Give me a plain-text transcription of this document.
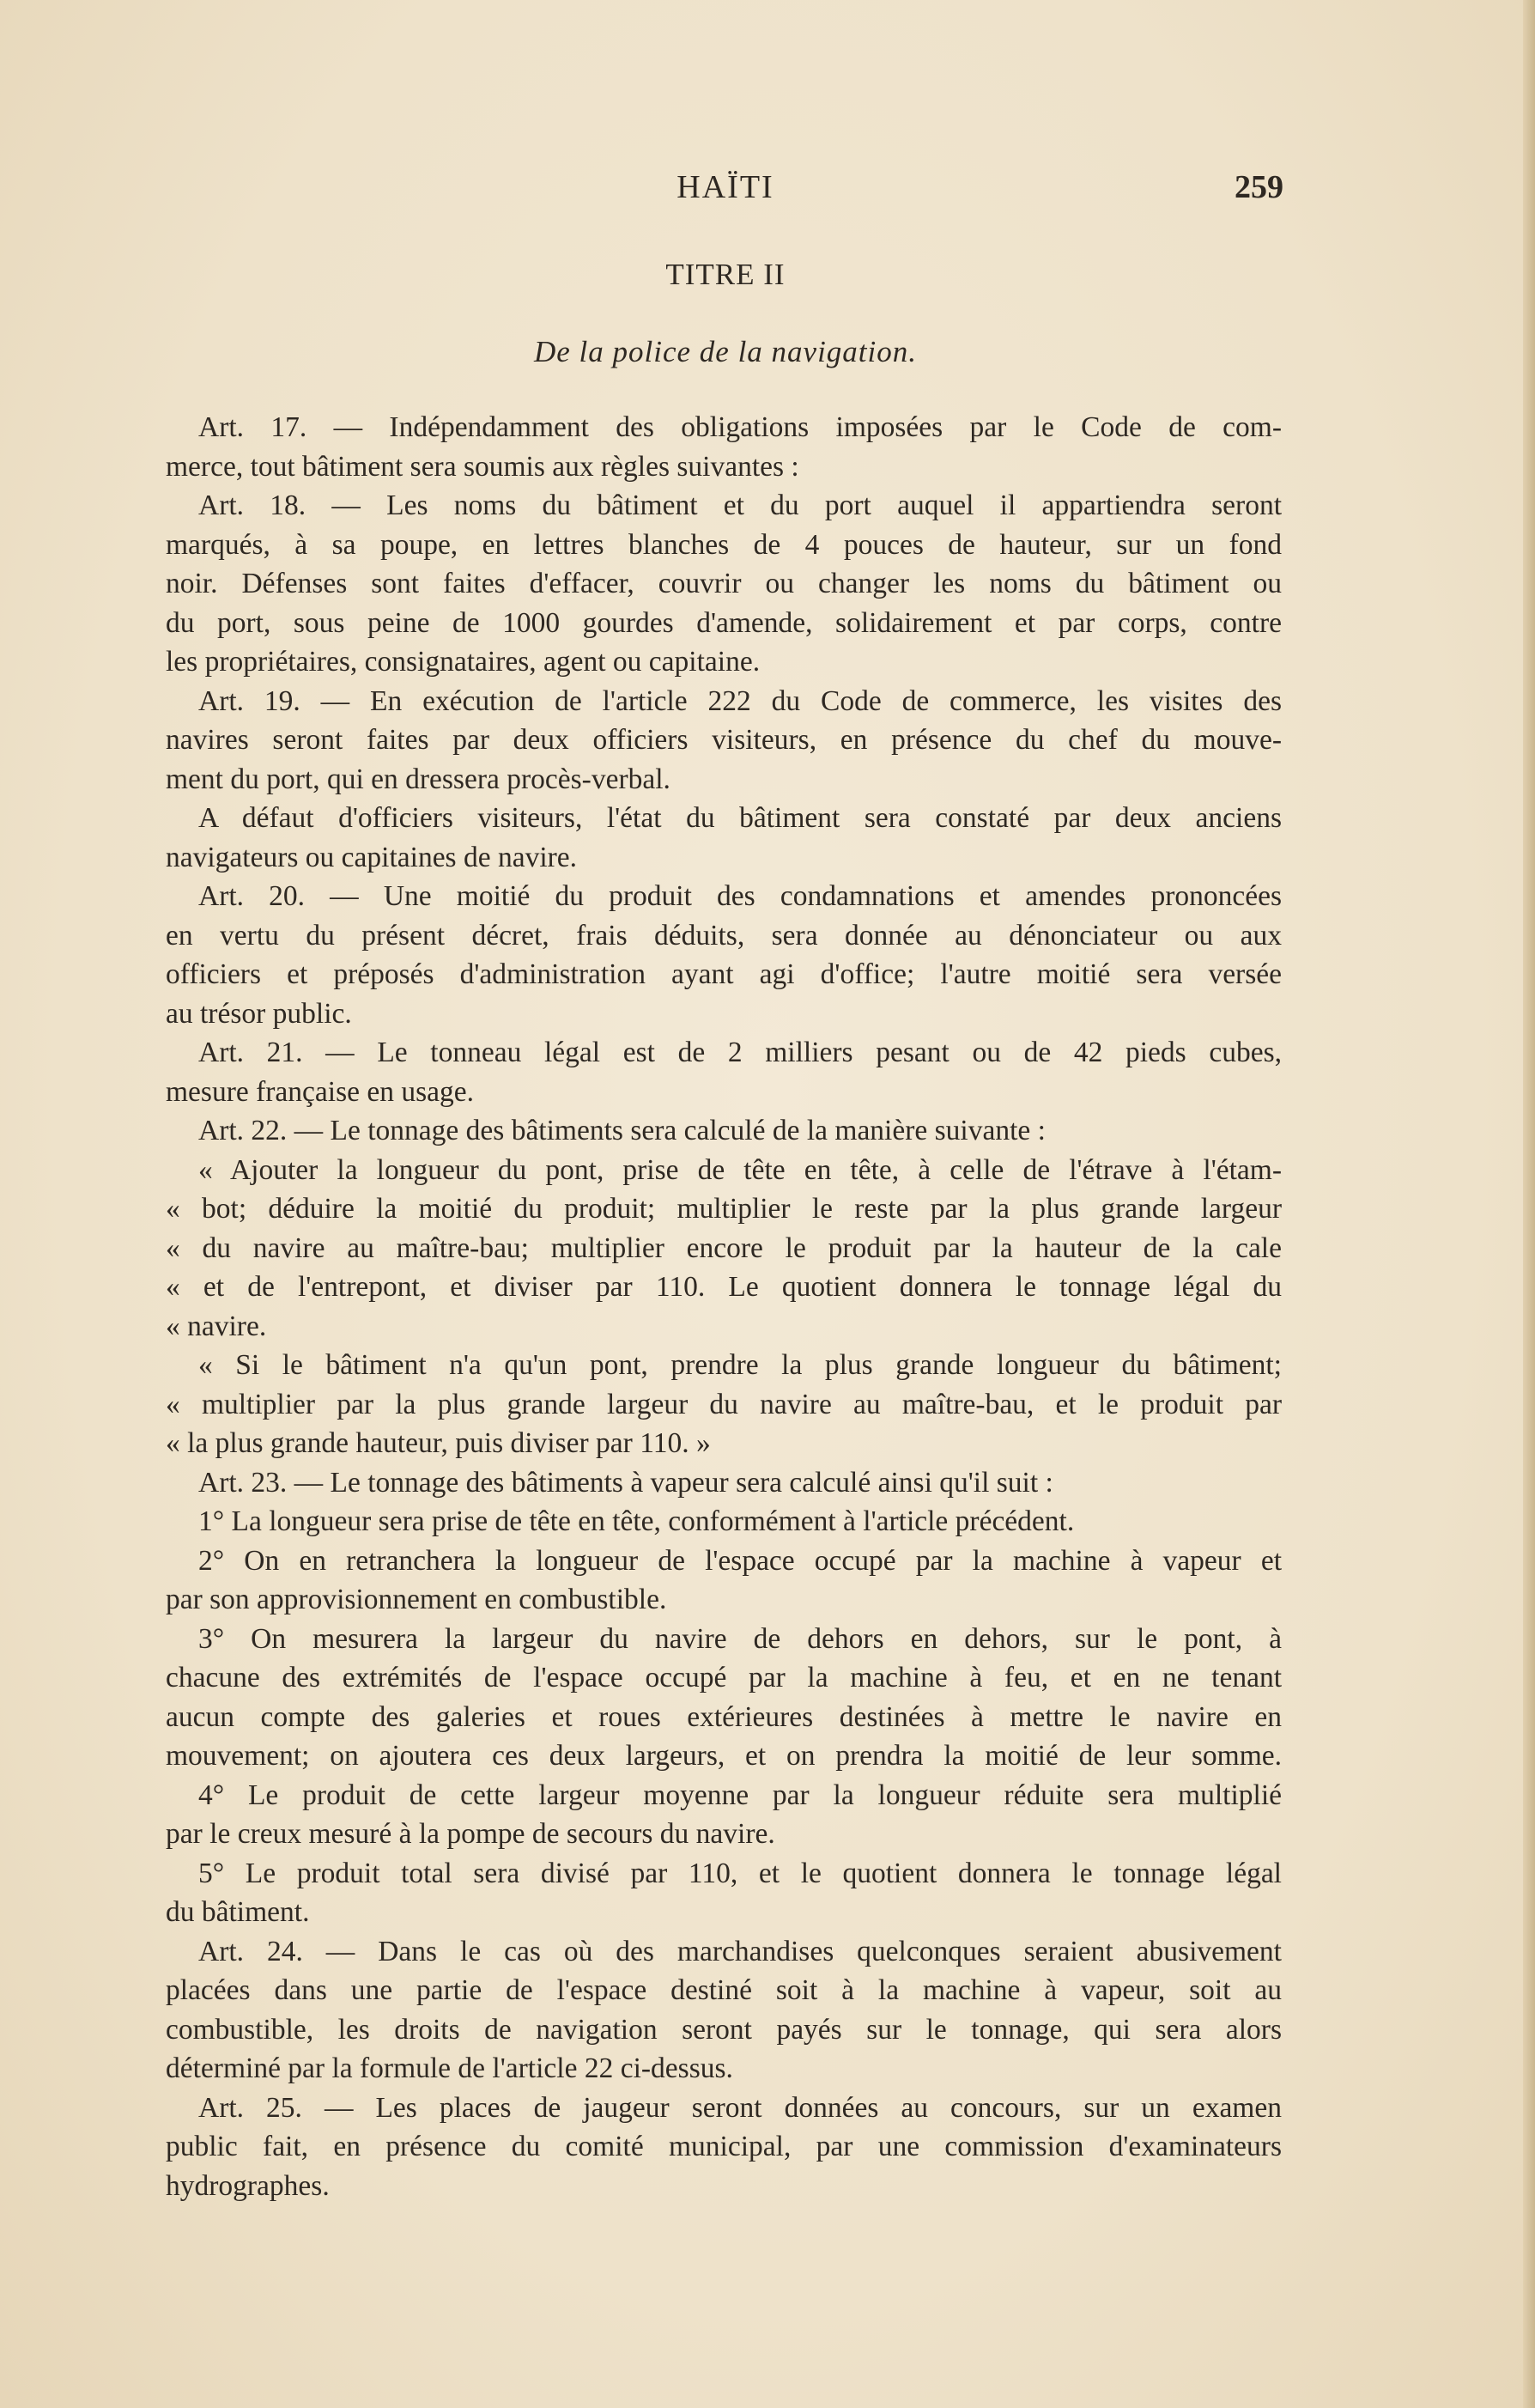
HAÏTI	259
TITRE II
De la police de la navigation.
Art. 17. — Indépendamment des obligations imposées par le Code de com-
merce, tout bâtiment sera soumis aux règles suivantes :
Art. 18. — Les noms du bâtiment et du port auquel il appartiendra seront
marqués, à sa poupe, en lettres blanches de 4 pouces de hauteur, sur un fond
noir. Défenses sont faites d'effacer, couvrir ou changer les noms du bâtiment ou
du port, sous peine de 1000 gourdes d'amende, solidairement et par corps, contre
les propriétaires, consignataires, agent ou capitaine.
Art. 19. — En exécution de l'article 222 du Code de commerce, les visites des
navires seront faites par deux officiers visiteurs, en présence du chef du mouve-
ment du port, qui en dressera procès-verbal.
A défaut d'officiers visiteurs, l'état du bâtiment sera constaté par deux anciens
navigateurs ou capitaines de navire.
Art. 20. — Une moitié du produit des condamnations et amendes prononcées
en vertu du présent décret, frais déduits, sera donnée au dénonciateur ou aux
officiers et préposés d'administration ayant agi d'office; l'autre moitié sera versée
au trésor public.
Art. 21. — Le tonneau légal est de 2 milliers pesant ou de 42 pieds cubes,
mesure française en usage.
Art. 22. — Le tonnage des bâtiments sera calculé de la manière suivante :
« Ajouter la longueur du pont, prise de tête en tête, à celle de l'étrave à l'étam-
« bot; déduire la moitié du produit; multiplier le reste par la plus grande largeur
« du navire au maître-bau; multiplier encore le produit par la hauteur de la cale
« et de l'entrepont, et diviser par 110. Le quotient donnera le tonnage légal du
« navire.
« Si le bâtiment n'a qu'un pont, prendre la plus grande longueur du bâtiment;
« multiplier par la plus grande largeur du navire au maître-bau, et le produit par
« la plus grande hauteur, puis diviser par 110. »
Art. 23. — Le tonnage des bâtiments à vapeur sera calculé ainsi qu'il suit :
1° La longueur sera prise de tête en tête, conformément à l'article précédent.
2° On en retranchera la longueur de l'espace occupé par la machine à vapeur et
par son approvisionnement en combustible.
3° On mesurera la largeur du navire de dehors en dehors, sur le pont, à
chacune des extrémités de l'espace occupé par la machine à feu, et en ne tenant
aucun compte des galeries et roues extérieures destinées à mettre le navire en
mouvement; on ajoutera ces deux largeurs, et on prendra la moitié de leur somme.
4° Le produit de cette largeur moyenne par la longueur réduite sera multiplié
par le creux mesuré à la pompe de secours du navire.
5° Le produit total sera divisé par 110, et le quotient donnera le tonnage légal
du bâtiment.
Art. 24. — Dans le cas où des marchandises quelconques seraient abusivement
placées dans une partie de l'espace destiné soit à la machine à vapeur, soit au
combustible, les droits de navigation seront payés sur le tonnage, qui sera alors
déterminé par la formule de l'article 22 ci-dessus.
Art. 25. — Les places de jaugeur seront données au concours, sur un examen
public fait, en présence du comité municipal, par une commission d'examinateurs
hydrographes.
